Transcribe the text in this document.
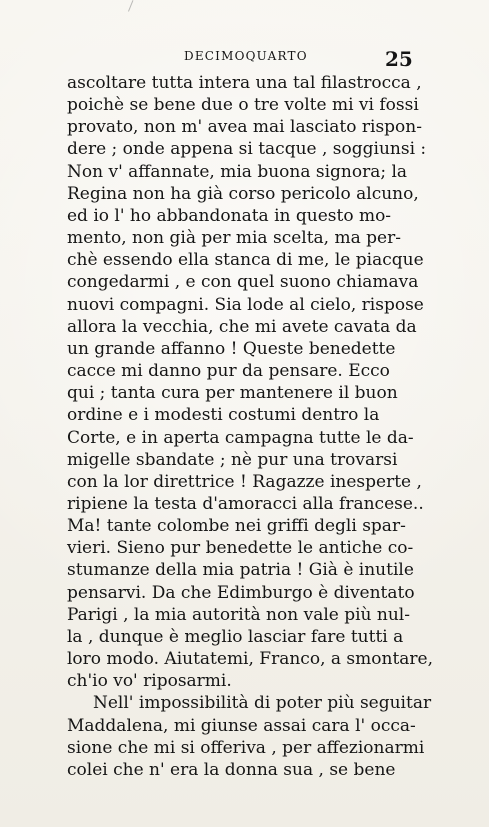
DECIMOQUARTO	25
ascoltare tutta intera una tal filastrocca ,
poichè se bene due o tre volte mi vi fossi
provato, non m' avea mai lasciato rispon-
dere ; onde appena si tacque , soggiunsi :
Non v' affannate, mia buona signora; la
Regina non ha già corso pericolo alcuno,
ed io l' ho abbandonata in questo mo-
mento, non già per mia scelta, ma per-
chè essendo ella stanca di me, le piacque
congedarmi , e con quel suono chiamava
nuovi compagni. Sia lode al cielo, rispose
allora la vecchia, che mi avete cavata da
un grande affanno ! Queste benedette
cacce mi danno pur da pensare. Ecco
qui ; tanta cura per mantenere il buon
ordine e i modesti costumi dentro la
Corte, e in aperta campagna tutte le da-
migelle sbandate ; nè pur una trovarsi
con la lor direttrice ! Ragazze inesperte ,
ripiene la testa d'amoracci alla francese..
Ma! tante colombe nei griffi degli spar-
vieri. Sieno pur benedette le antiche co-
stumanze della mia patria ! Già è inutile
pensarvi. Da che Edimburgo è diventato
Parigi , la mia autorità non vale più nul-
la , dunque è meglio lasciar fare tutti a
loro modo. Aiutatemi, Franco, a smontare,
ch'io vo' riposarmi.
Nell' impossibilità di poter più seguitar
Maddalena, mi giunse assai cara l' occa-
sione che mi si offeriva , per affezionarmi
colei che n' era la donna sua , se bene
